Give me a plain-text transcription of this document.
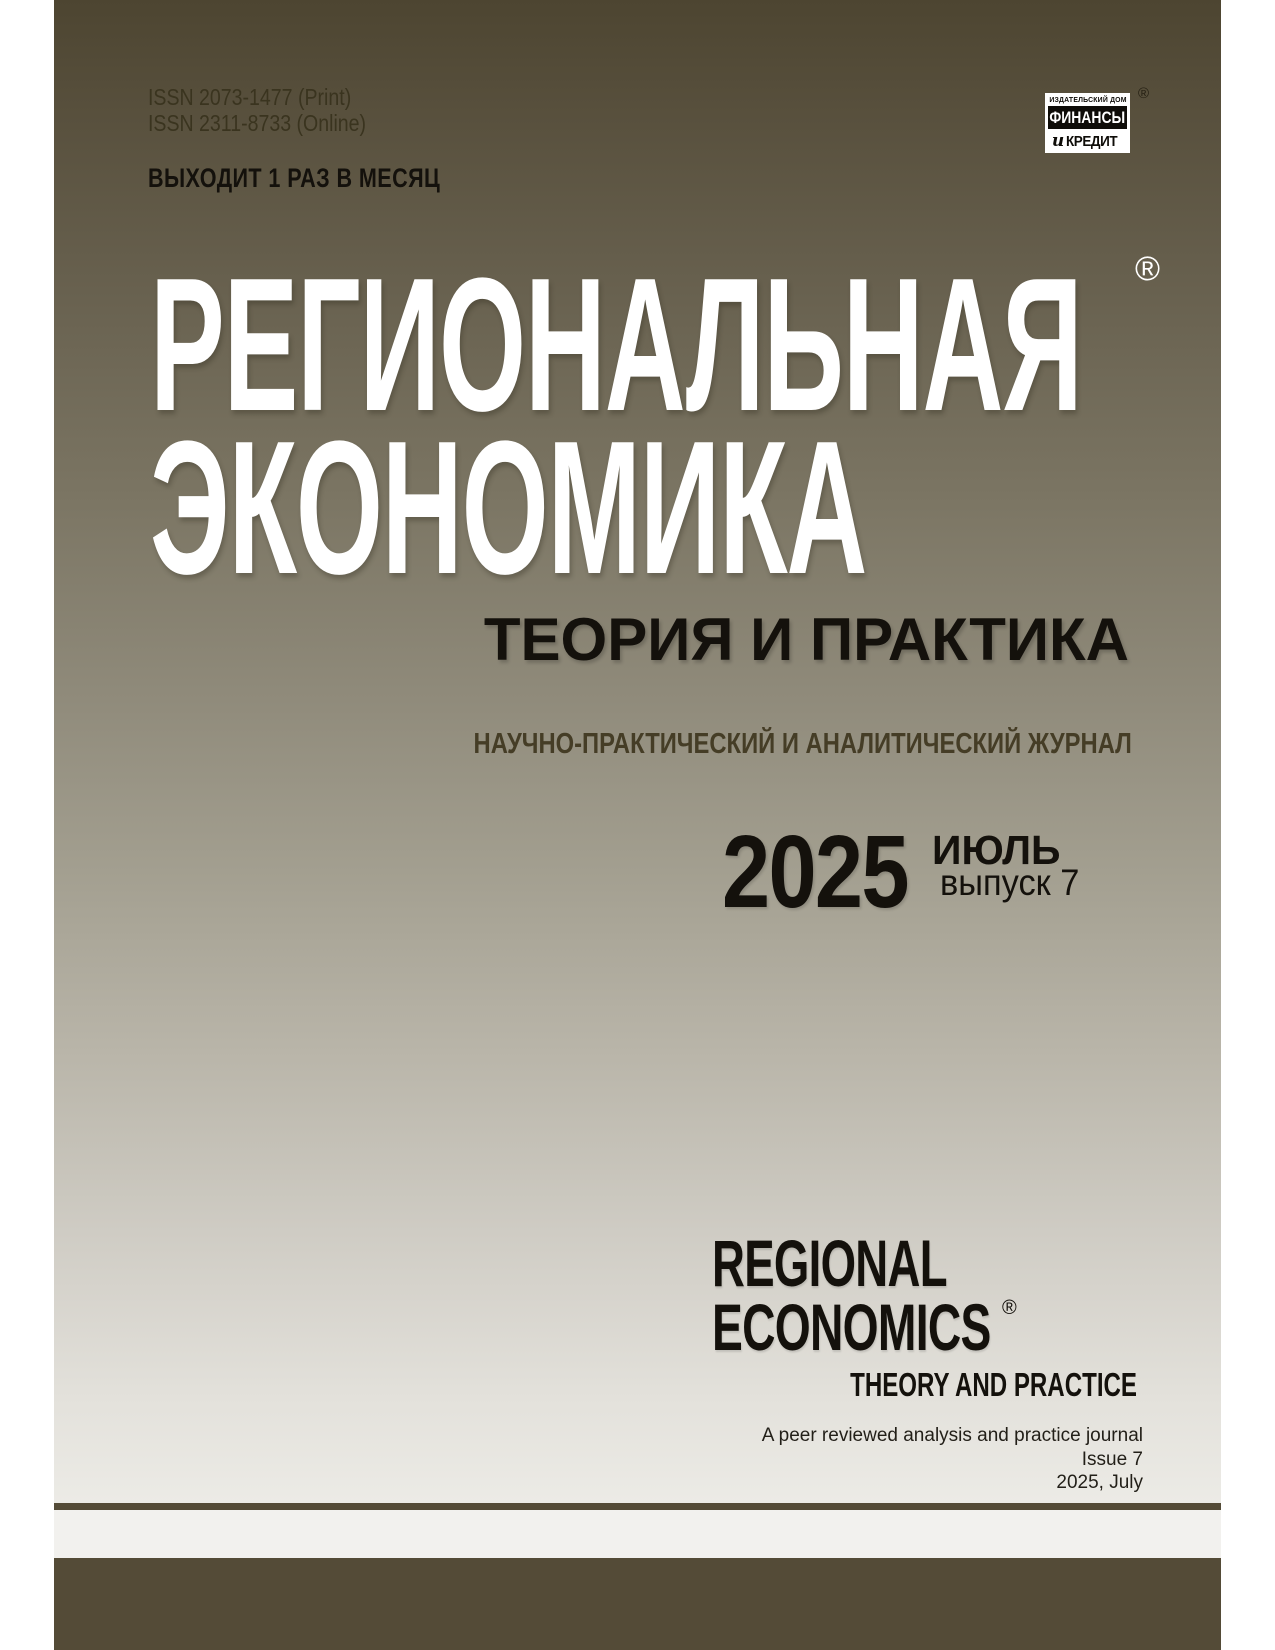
ISSN 2073-1477 (Print)
ISSN 2311-8733 (Online)
ИЗДАТЕЛЬСКИЙ ДОМ
ФИНАНСЫ
и КРЕДИТ
®
ВЫХОДИТ 1 РАЗ В МЕСЯЦ
РЕГИОНАЛЬНАЯ ®
ЭКОНОМИКА
ТЕОРИЯ И ПРАКТИКА
НАУЧНО-ПРАКТИЧЕСКИЙ И АНАЛИТИЧЕСКИЙ ЖУРНАЛ
2025 ИЮЛЬ
выпуск 7
REGIONAL
ECONOMICS ®
THEORY AND PRACTICE
A peer reviewed analysis and practice journal
Issue 7
2025, July
